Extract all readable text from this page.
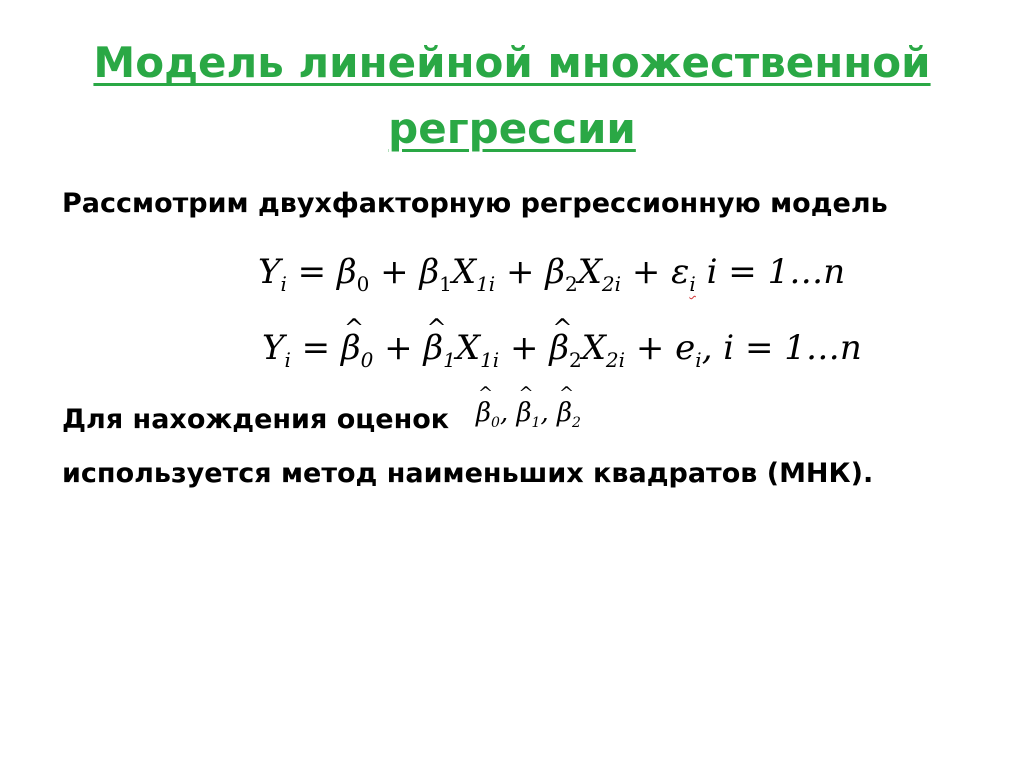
Модель линейной множественной
регрессии
Рассмотрим двухфакторную регрессионную модель
$Y_i = \beta_0 + \beta_1X_{1i} + \beta_2X_{2i} + \varepsilon_i$ i = 1…n
$Y_i$ = ^ $\beta_0$ + ^ $\beta_1X_{1i}$ + ^ $\beta_2X_{2i} + e_i$, i = 1…n
Для нахождения оценок
^ $\beta_0$, ^ $\beta_1$, ^ $\beta_2$
используется метод наименьших квадратов (МНК).
